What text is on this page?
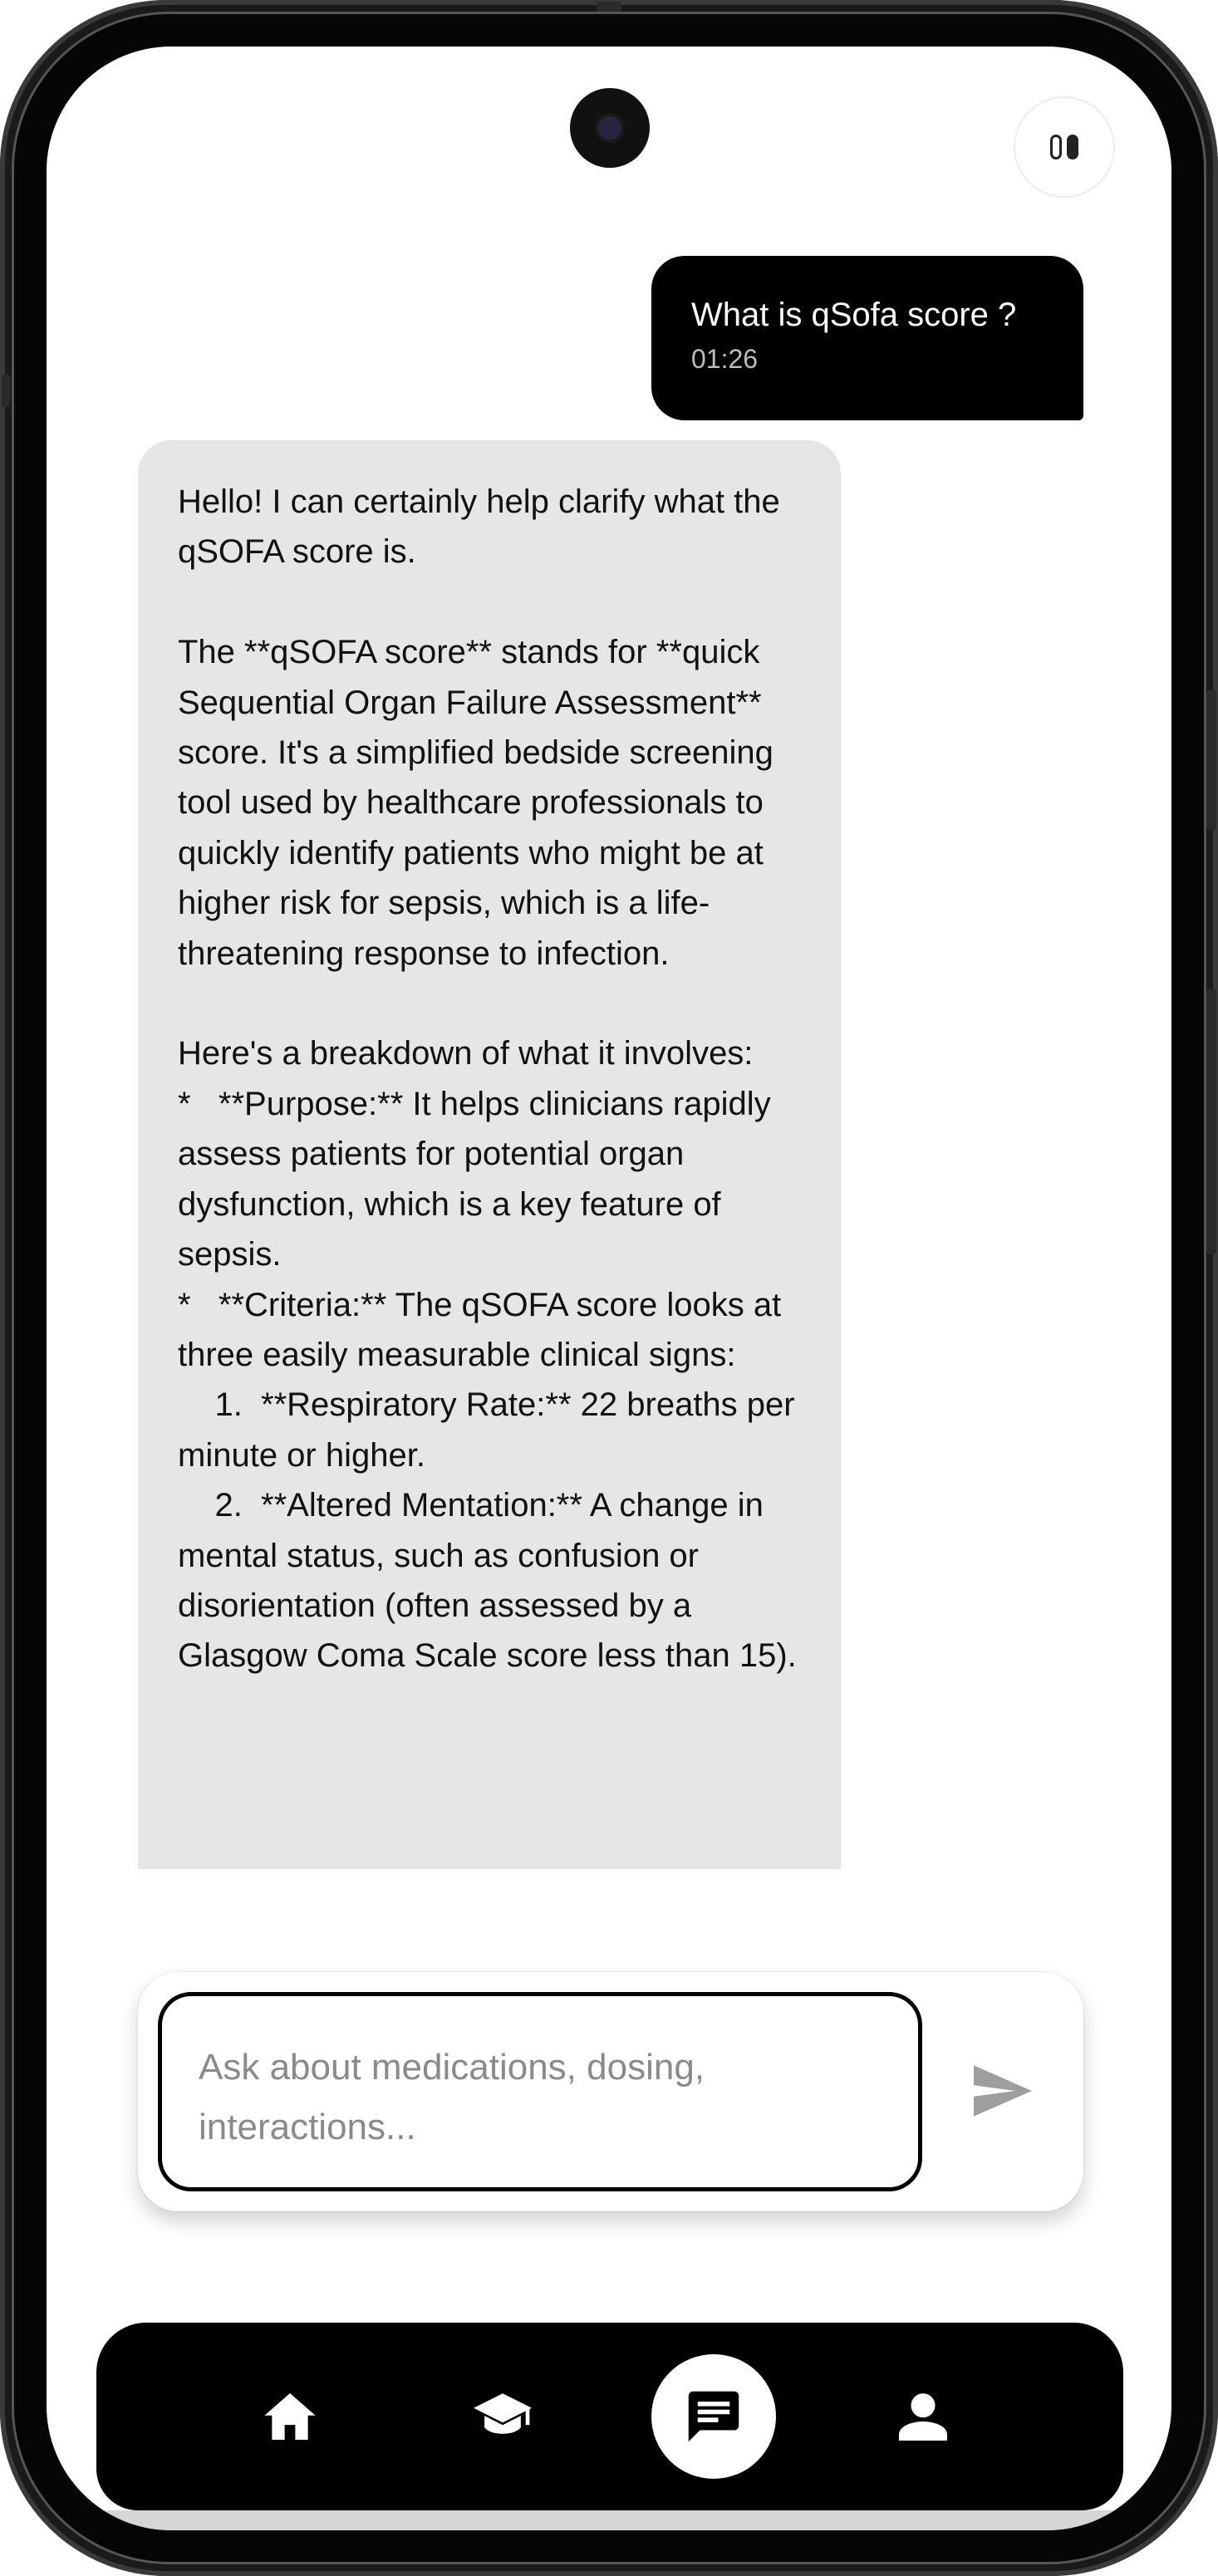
What is qSofa score ?
01:26
Hello! I can certainly help clarify what the qSOFA score is.

The **qSOFA score** stands for **quick Sequential Organ Failure Assessment** score. It's a simplified bedside screening tool used by healthcare professionals to quickly identify patients who might be at higher risk for sepsis, which is a life-threatening response to infection.

Here's a breakdown of what it involves:
*   **Purpose:** It helps clinicians rapidly assess patients for potential organ dysfunction, which is a key feature of sepsis.
*   **Criteria:** The qSOFA score looks at three easily measurable clinical signs:
1.  **Respiratory Rate:** 22 breaths per minute or higher.
2.  **Altered Mentation:** A change in mental status, such as confusion or disorientation (often assessed by a Glasgow Coma Scale score less than 15).
Ask about medications, dosing, interactions...
